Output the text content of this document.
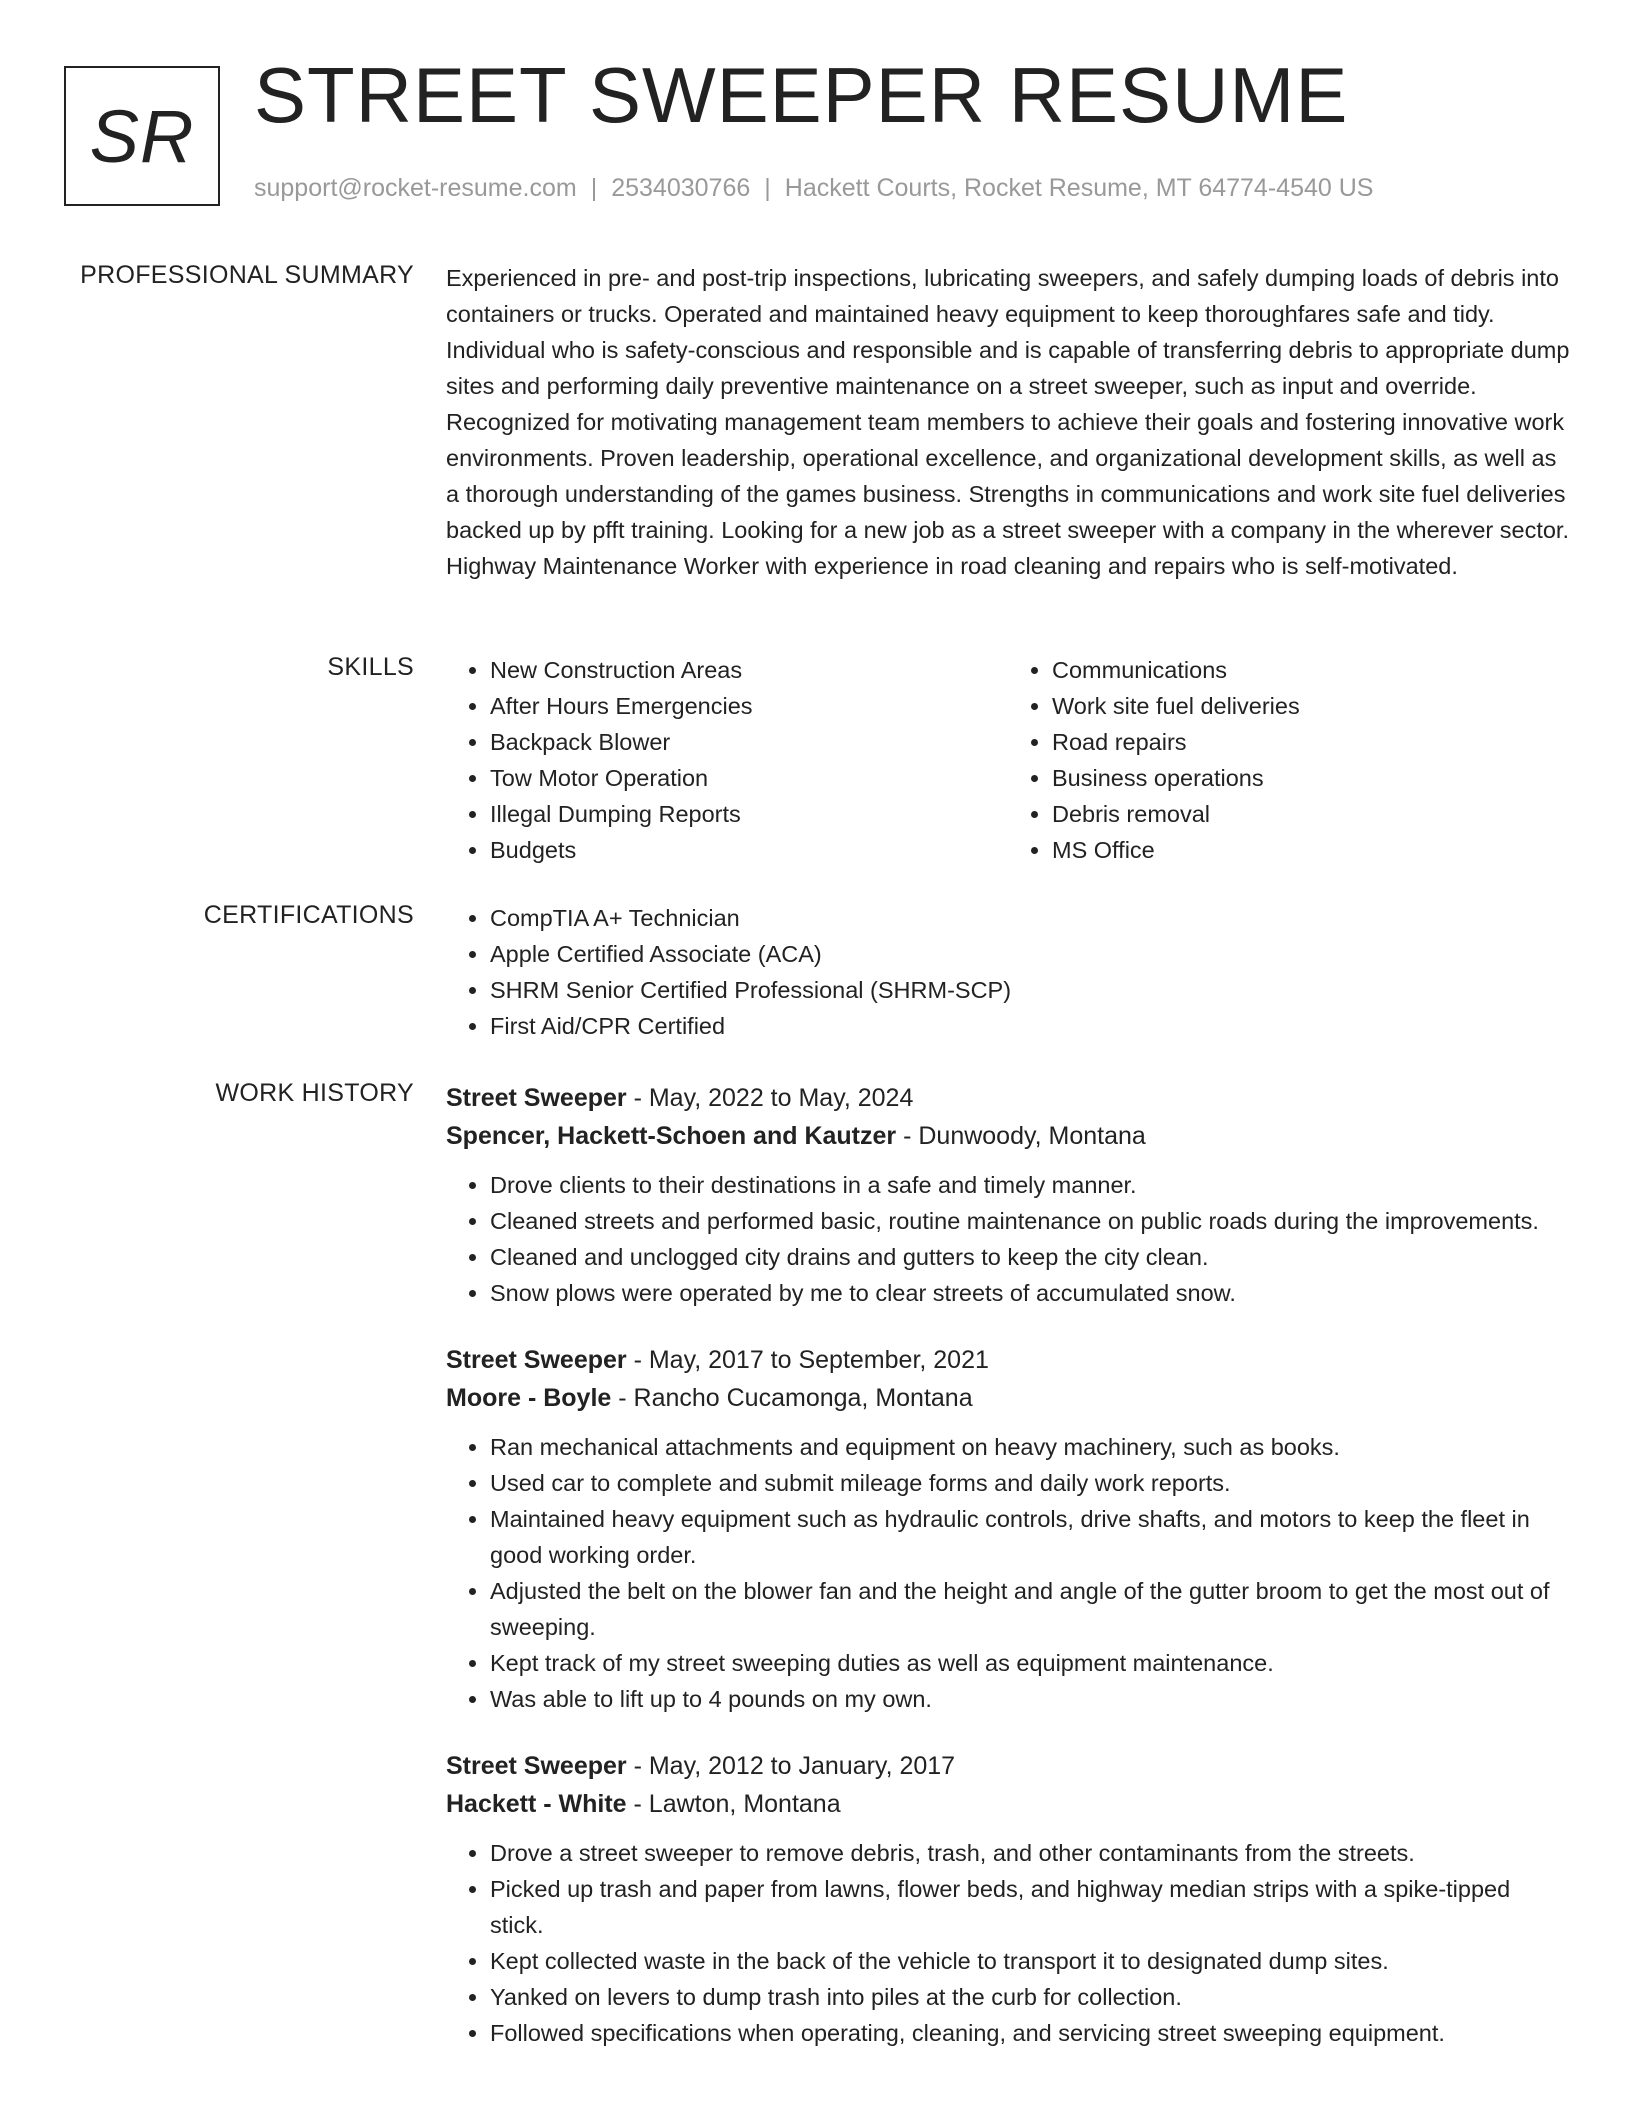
SR STREET SWEEPER RESUME
support@rocket-resume.com | 2534030766 | Hackett Courts, Rocket Resume, MT 64774-4540 US
PROFESSIONAL SUMMARY Experienced in pre- and post-trip inspections, lubricating sweepers, and safely dumping loads of debris into containers or trucks. Operated and maintained heavy equipment to keep thoroughfares safe and tidy. Individual who is safety-conscious and responsible and is capable of transferring debris to appropriate dump sites and performing daily preventive maintenance on a street sweeper, such as input and override. Recognized for motivating management team members to achieve their goals and fostering innovative work environments. Proven leadership, operational excellence, and organizational development skills, as well as a thorough understanding of the games business. Strengths in communications and work site fuel deliveries backed up by pfft training. Looking for a new job as a street sweeper with a company in the wherever sector. Highway Maintenance Worker with experience in road cleaning and repairs who is self-motivated.

SKILLS	• New Construction Areas
• After Hours Emergencies
• Backpack Blower
• Tow Motor Operation
• Illegal Dumping Reports
• Budgets
• Communications
• Work site fuel deliveries
• Road repairs
• Business operations
• Debris removal
• MS Office
CERTIFICATIONS	• CompTIA A+ Technician
• Apple Certified Associate (ACA)
• SHRM Senior Certified Professional (SHRM-SCP)
• First Aid/CPR Certified
WORK HISTORY Street Sweeper - May, 2022 to May, 2024
Spencer, Hackett-Schoen and Kautzer - Dunwoody, Montana
• Drove clients to their destinations in a safe and timely manner.
• Cleaned streets and performed basic, routine maintenance on public roads during the improvements.
• Cleaned and unclogged city drains and gutters to keep the city clean.
• Snow plows were operated by me to clear streets of accumulated snow.
Street Sweeper - May, 2017 to September, 2021
Moore - Boyle - Rancho Cucamonga, Montana
• Ran mechanical attachments and equipment on heavy machinery, such as books.
• Used car to complete and submit mileage forms and daily work reports.
• Maintained heavy equipment such as hydraulic controls, drive shafts, and motors to keep the fleet in good working order.
• Adjusted the belt on the blower fan and the height and angle of the gutter broom to get the most out of sweeping.
• Kept track of my street sweeping duties as well as equipment maintenance.
• Was able to lift up to 4 pounds on my own.
Street Sweeper - May, 2012 to January, 2017
Hackett - White - Lawton, Montana
• Drove a street sweeper to remove debris, trash, and other contaminants from the streets.
• Picked up trash and paper from lawns, flower beds, and highway median strips with a spike-tipped stick.
• Kept collected waste in the back of the vehicle to transport it to designated dump sites.
• Yanked on levers to dump trash into piles at the curb for collection.
• Followed specifications when operating, cleaning, and servicing street sweeping equipment.
